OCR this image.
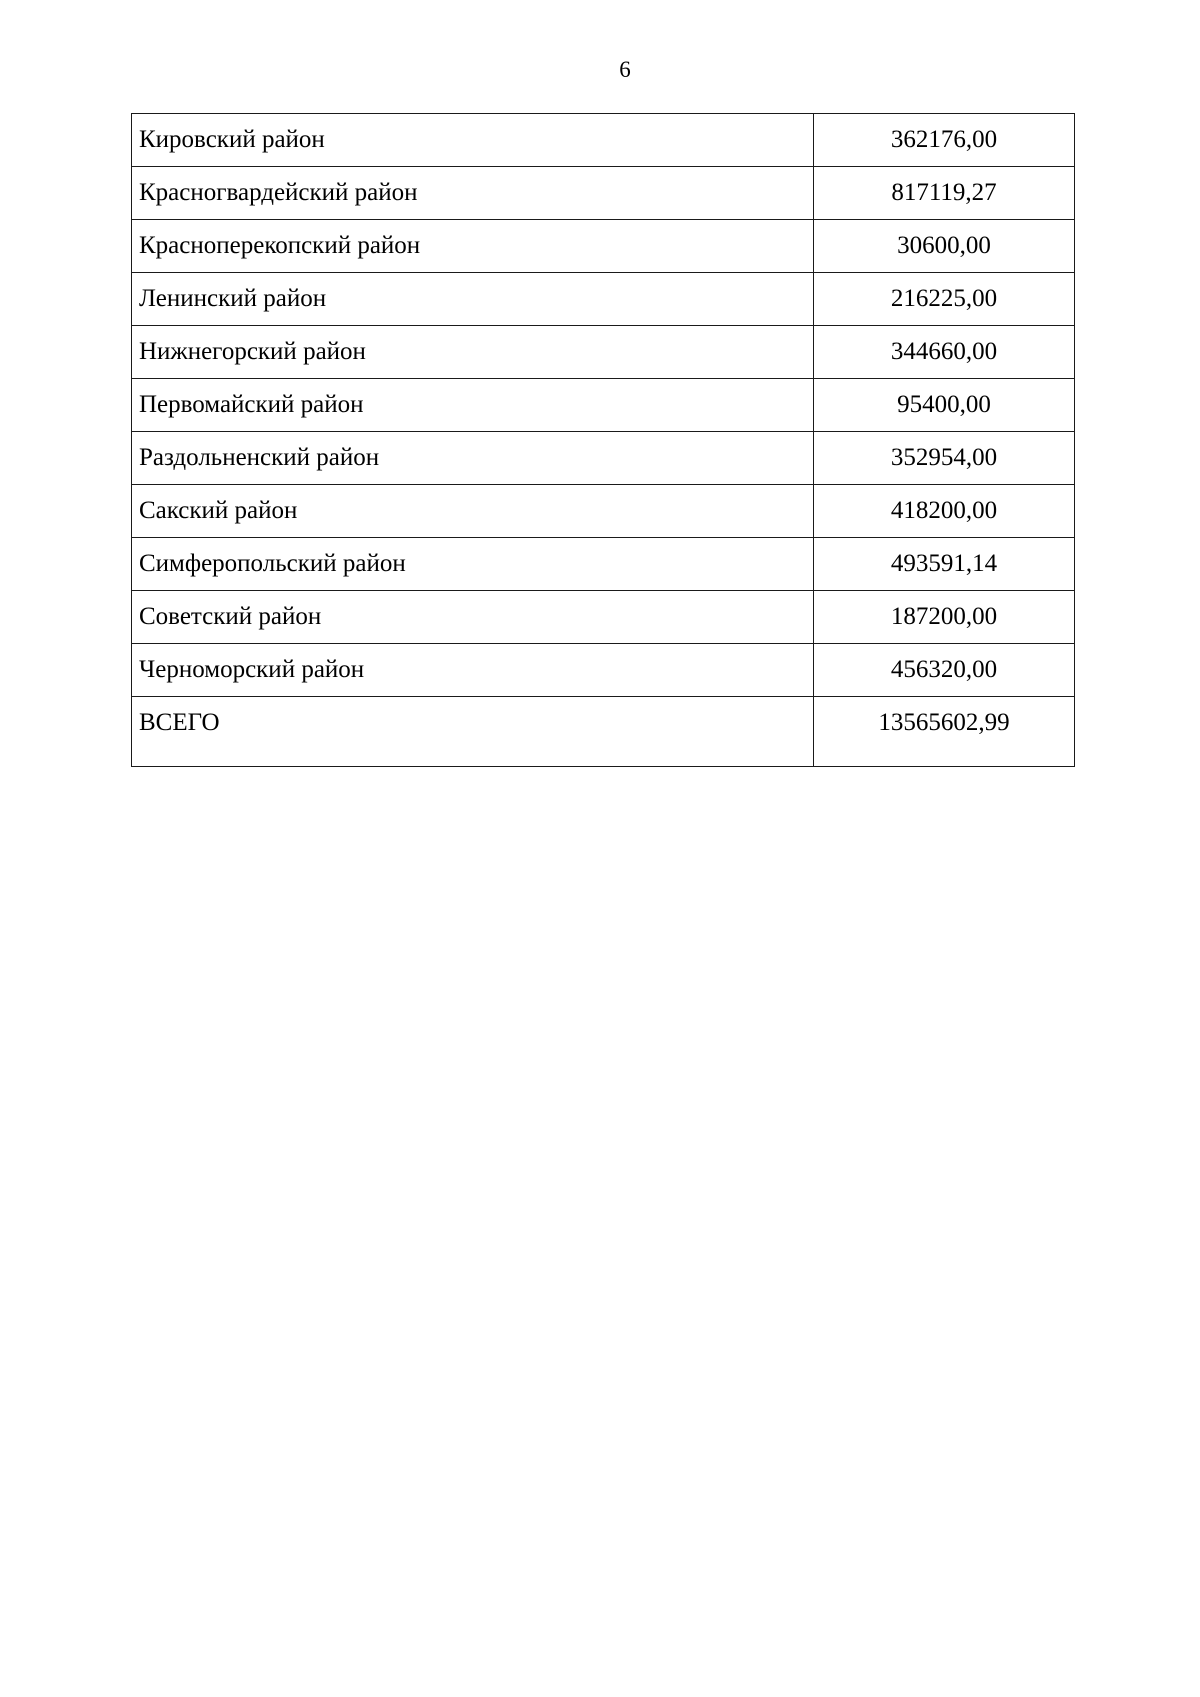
6
Кировский район	362176,00
Красногвардейский район	817119,27
Красноперекопский район	30600,00
Ленинский район	216225,00
Нижнегорский район	344660,00
Первомайский район	95400,00
Раздольненский район	352954,00
Сакский район	418200,00
Симферопольский район	493591,14
Советский район	187200,00
Черноморский район	456320,00
ВСЕГО	13565602,99
